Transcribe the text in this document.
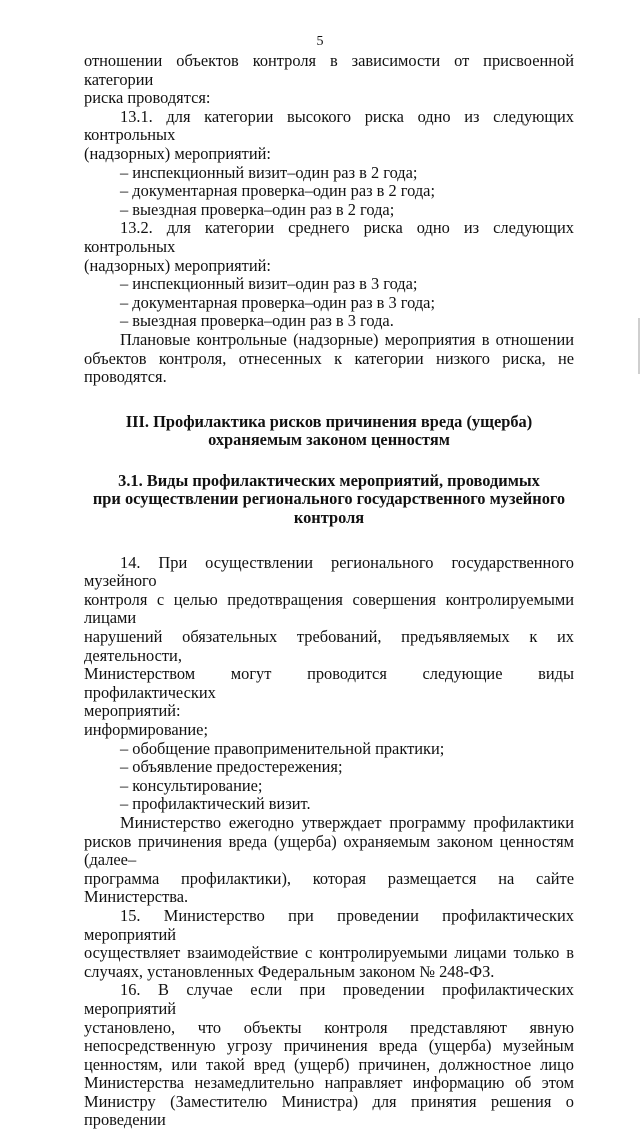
5

отношении объектов контроля в зависимости от присвоенной категории

риска проводятся:

13.1. для категории высокого риска одно из следующих контрольных

(надзорных) мероприятий:

– инспекционный визит–один раз в 2 года;

– документарная проверка–один раз в 2 года;

– выездная проверка–один раз в 2 года;

13.2. для категории среднего риска одно из следующих контрольных

(надзорных) мероприятий:

– инспекционный визит–один раз в 3 года;

– документарная проверка–один раз в 3 года;

– выездная проверка–один раз в 3 года.

Плановые контрольные (надзорные) мероприятия в отношении

объектов контроля, отнесенных к категории низкого риска, не проводятся.

III. Профилактика рисков причинения вреда (ущерба)

охраняемым законом ценностям

3.1. Виды профилактических мероприятий, проводимых

при осуществлении регионального государственного музейного

контроля

14. При осуществлении регионального государственного музейного

контроля с целью предотвращения совершения контролируемыми лицами

нарушений обязательных требований, предъявляемых к их деятельности,

Министерством могут проводится следующие виды профилактических

мероприятий:

информирование;

– обобщение правоприменительной практики;

– объявление предостережения;

– консультирование;

– профилактический визит.

Министерство ежегодно утверждает программу профилактики

рисков причинения вреда (ущерба) охраняемым законом ценностям (далее–

программа профилактики), которая размещается на сайте Министерства.

15. Министерство при проведении профилактических мероприятий

осуществляет взаимодействие с контролируемыми лицами только в

случаях, установленных Федеральным законом № 248-ФЗ.

16. В случае если при проведении профилактических мероприятий

установлено, что объекты контроля представляют явную

непосредственную угрозу причинения вреда (ущерба) музейным

ценностям, или такой вред (ущерб) причинен, должностное лицо

Министерства незамедлительно направляет информацию об этом

Министру (Заместителю Министра) для принятия решения о проведении
